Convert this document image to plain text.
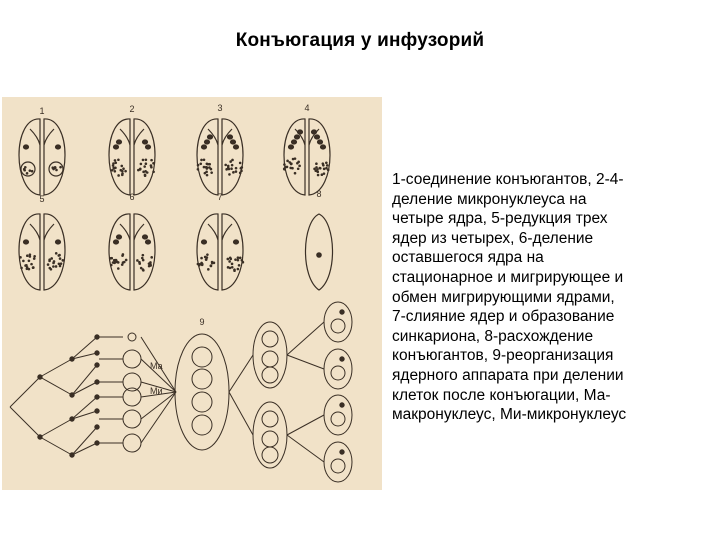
Конъюгация у инфузорий
1	2	3	4
5	6	7	8
9
Ма
Ми
1-соединение конъюгантов, 2-4-
деление микронуклеуса на
четыре ядра, 5-редукция трех
ядер из четырех, 6-деление
оставшегося ядра на
стационарное и мигрирующее и
обмен мигрирующими ядрами,
7-слияние ядер и образование
синкариона, 8-расхождение
конъюгантов, 9-реорганизация
ядерного аппарата при делении
клеток после конъюгации, Ма-
макронуклеус, Ми-микронуклеус
